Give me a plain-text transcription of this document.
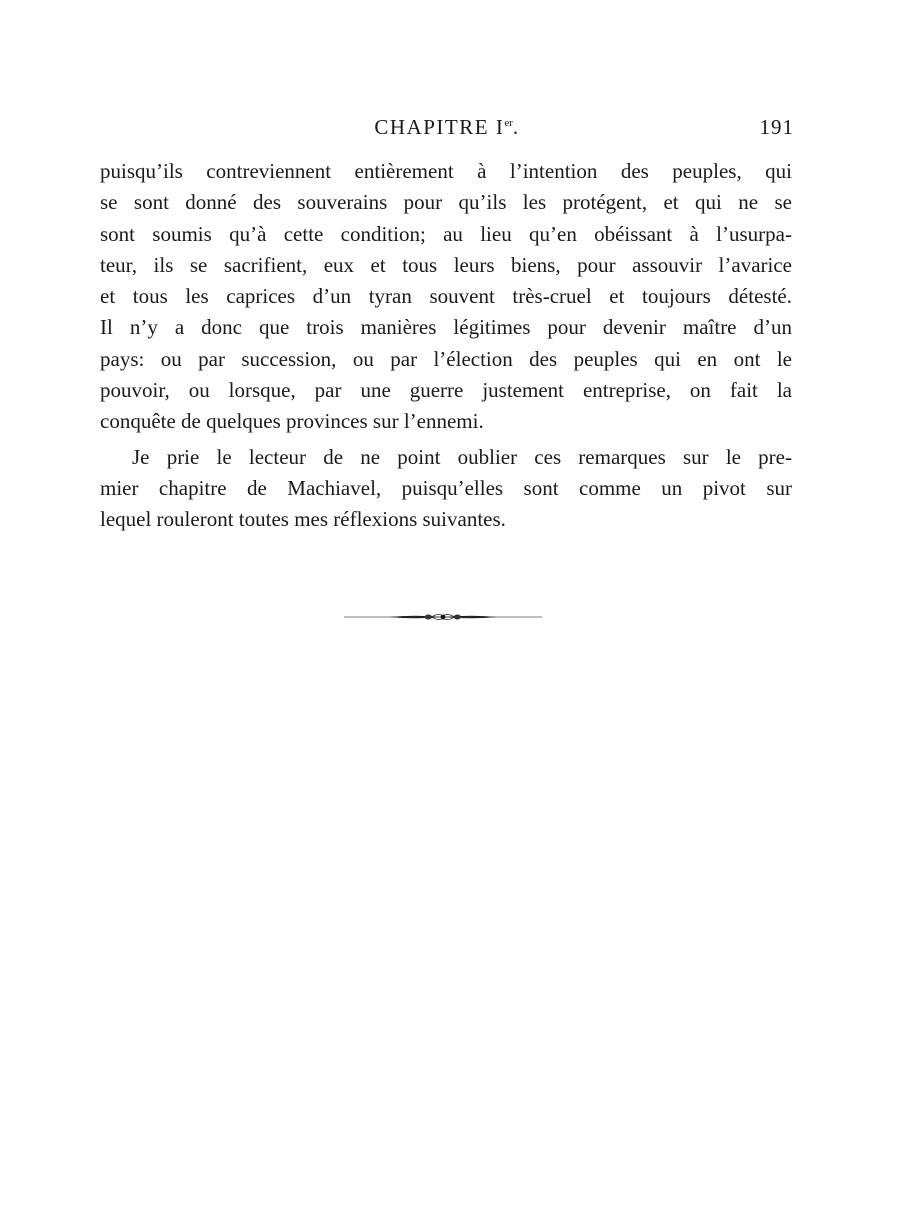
CHAPITRE Ier.	191
puisqu’ils contreviennent entièrement à l’intention des peuples, qui
se sont donné des souverains pour qu’ils les protégent, et qui ne se
sont soumis qu’à cette condition; au lieu qu’en obéissant à l’usurpa-
teur, ils se sacrifient, eux et tous leurs biens, pour assouvir l’avarice
et tous les caprices d’un tyran souvent très-cruel et toujours détesté.
Il n’y a donc que trois manières légitimes pour devenir maître d’un
pays: ou par succession, ou par l’élection des peuples qui en ont le
pouvoir, ou lorsque, par une guerre justement entreprise, on fait la
conquête de quelques provinces sur l’ennemi.
Je prie le lecteur de ne point oublier ces remarques sur le pre-
mier chapitre de Machiavel, puisqu’elles sont comme un pivot sur
lequel rouleront toutes mes réflexions suivantes.
